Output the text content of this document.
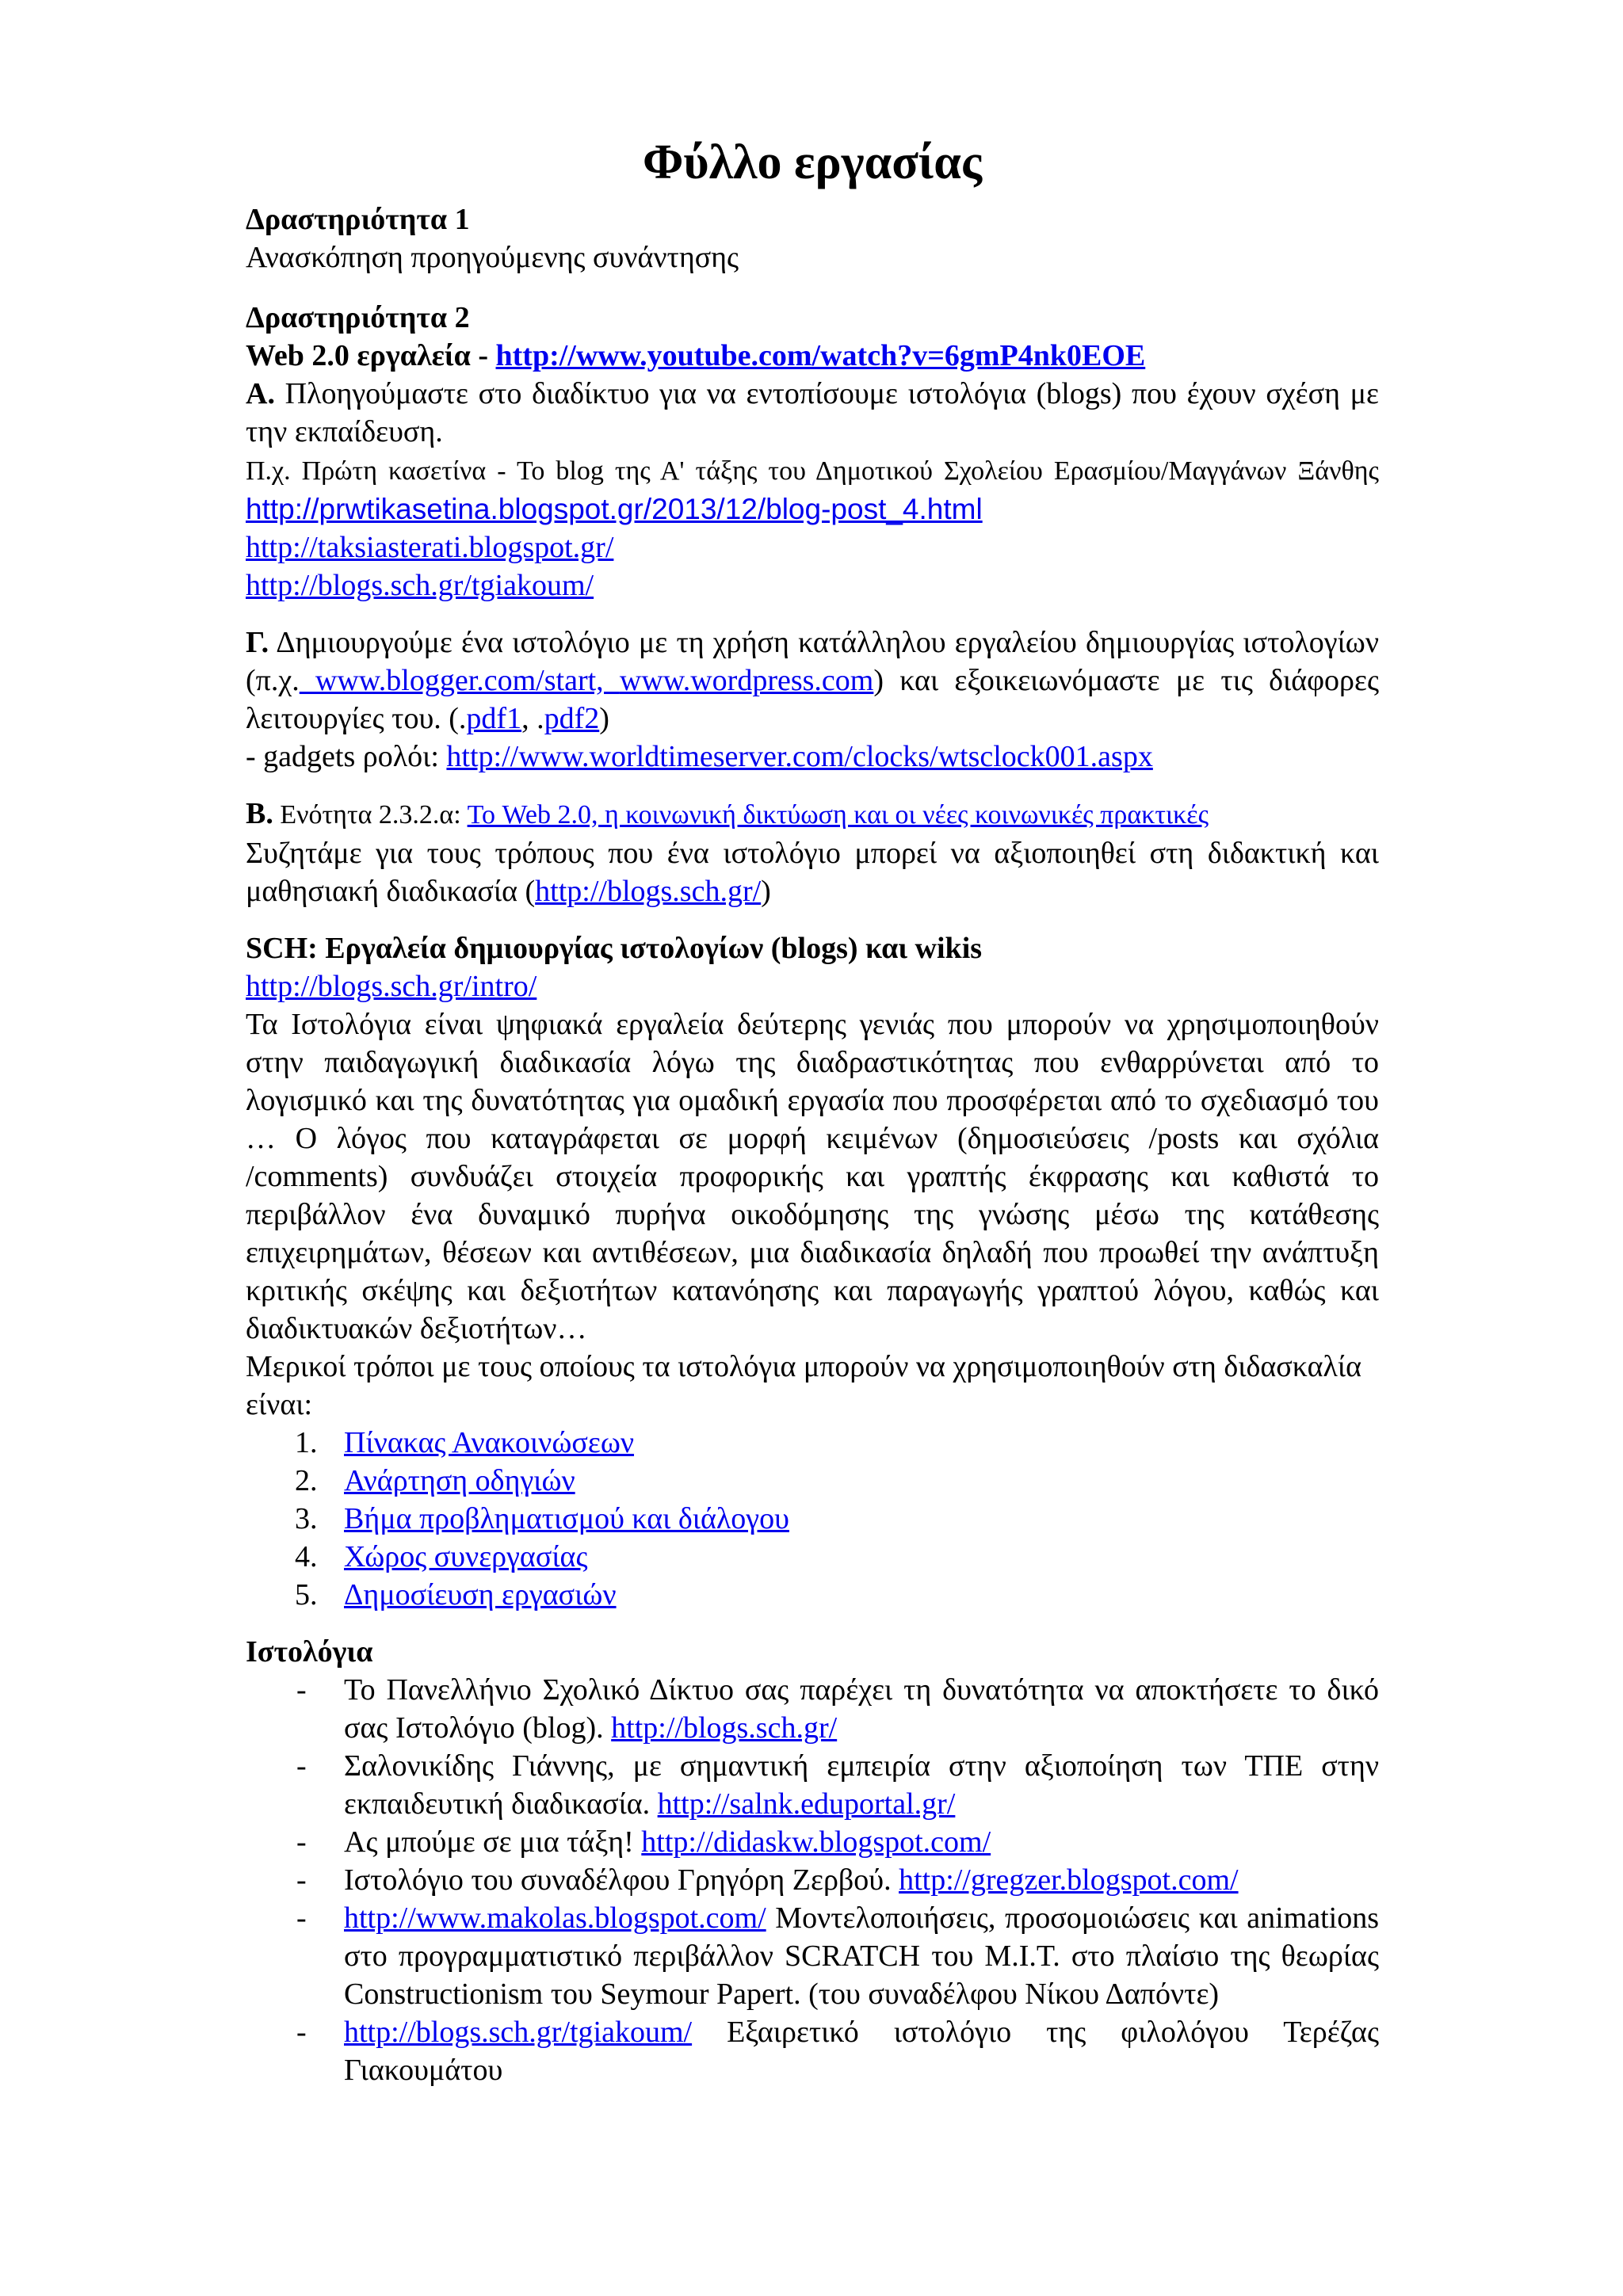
Φύλλο εργασίας

Δραστηριότητα 1

Ανασκόπηση προηγούμενης συνάντησης

Δραστηριότητα 2

Web 2.0 εργαλεία - http://www.youtube.com/watch?v=6gmP4nk0EOE

Α. Πλοηγούμαστε στο διαδίκτυο για να εντοπίσουμε ιστολόγια (blogs) που έχουν σχέση με την εκπαίδευση.

Π.χ. Πρώτη κασετίνα - Το blog της Α' τάξης του Δημοτικού Σχολείου Ερασμίου/Μαγγάνων Ξάνθης http://prwtikasetina.blogspot.gr/2013/12/blog-post_4.html

http://taksiasterati.blogspot.gr/

http://blogs.sch.gr/tgiakoum/

Γ. Δημιουργούμε ένα ιστολόγιο με τη χρήση κατάλληλου εργαλείου δημιουργίας ιστολογίων (π.χ. www.blogger.com/start, www.wordpress.com) και εξοικειωνόμαστε με τις διάφορες λειτουργίες του. (.pdf1, .pdf2)

- gadgets ρολόι: http://www.worldtimeserver.com/clocks/wtsclock001.aspx

Β. Ενότητα 2.3.2.α: Το Web 2.0, η κοινωνική δικτύωση και οι νέες κοινωνικές πρακτικές

Συζητάμε για τους τρόπους που ένα ιστολόγιο μπορεί να αξιοποιηθεί στη διδακτική και μαθησιακή διαδικασία (http://blogs.sch.gr/)

SCH: Εργαλεία δημιουργίας ιστολογίων (blogs) και wikis

http://blogs.sch.gr/intro/

Τα Ιστολόγια είναι ψηφιακά εργαλεία δεύτερης γενιάς που μπορούν να χρησιμοποιηθούν στην παιδαγωγική διαδικασία λόγω της διαδραστικότητας που ενθαρρύνεται από το λογισμικό και της δυνατότητας για ομαδική εργασία που προσφέρεται από το σχεδιασμό του … Ο λόγος που καταγράφεται σε μορφή κειμένων (δημοσιεύσεις /posts και σχόλια /comments) συνδυάζει στοιχεία προφορικής και γραπτής έκφρασης και καθιστά το περιβάλλον ένα δυναμικό πυρήνα οικοδόμησης της γνώσης μέσω της κατάθεσης επιχειρημάτων, θέσεων και αντιθέσεων, μια διαδικασία δηλαδή που προωθεί την ανάπτυξη κριτικής σκέψης και δεξιοτήτων κατανόησης και παραγωγής γραπτού λόγου, καθώς και διαδικτυακών δεξιοτήτων…

Μερικοί τρόποι με τους οποίους τα ιστολόγια μπορούν να χρησιμοποιηθούν στη διδασκαλία είναι:

1. Πίνακας Ανακοινώσεων
2. Ανάρτηση οδηγιών
3. Βήμα προβληματισμού και διάλογου
4. Χώρος συνεργασίας
5. Δημοσίευση εργασιών

Ιστολόγια

- Το Πανελλήνιο Σχολικό Δίκτυο σας παρέχει τη δυνατότητα να αποκτήσετε το δικό σας Ιστολόγιο (blog). http://blogs.sch.gr/
- Σαλονικίδης Γιάννης, με σημαντική εμπειρία στην αξιοποίηση των ΤΠΕ στην εκπαιδευτική διαδικασία. http://salnk.eduportal.gr/
- Ας μπούμε σε μια τάξη! http://didaskw.blogspot.com/
- Ιστολόγιο του συναδέλφου Γρηγόρη Ζερβού. http://gregzer.blogspot.com/
- http://www.makolas.blogspot.com/ Μοντελοποιήσεις, προσομοιώσεις και animations στο προγραμματιστικό περιβάλλον SCRATCH του M.I.T. στο πλαίσιο της θεωρίας Constructionism του Seymour Papert. (του συναδέλφου Νίκου Δαπόντε)
- http://blogs.sch.gr/tgiakoum/ Εξαιρετικό ιστολόγιο της φιλολόγου Τερέζας Γιακουμάτου
